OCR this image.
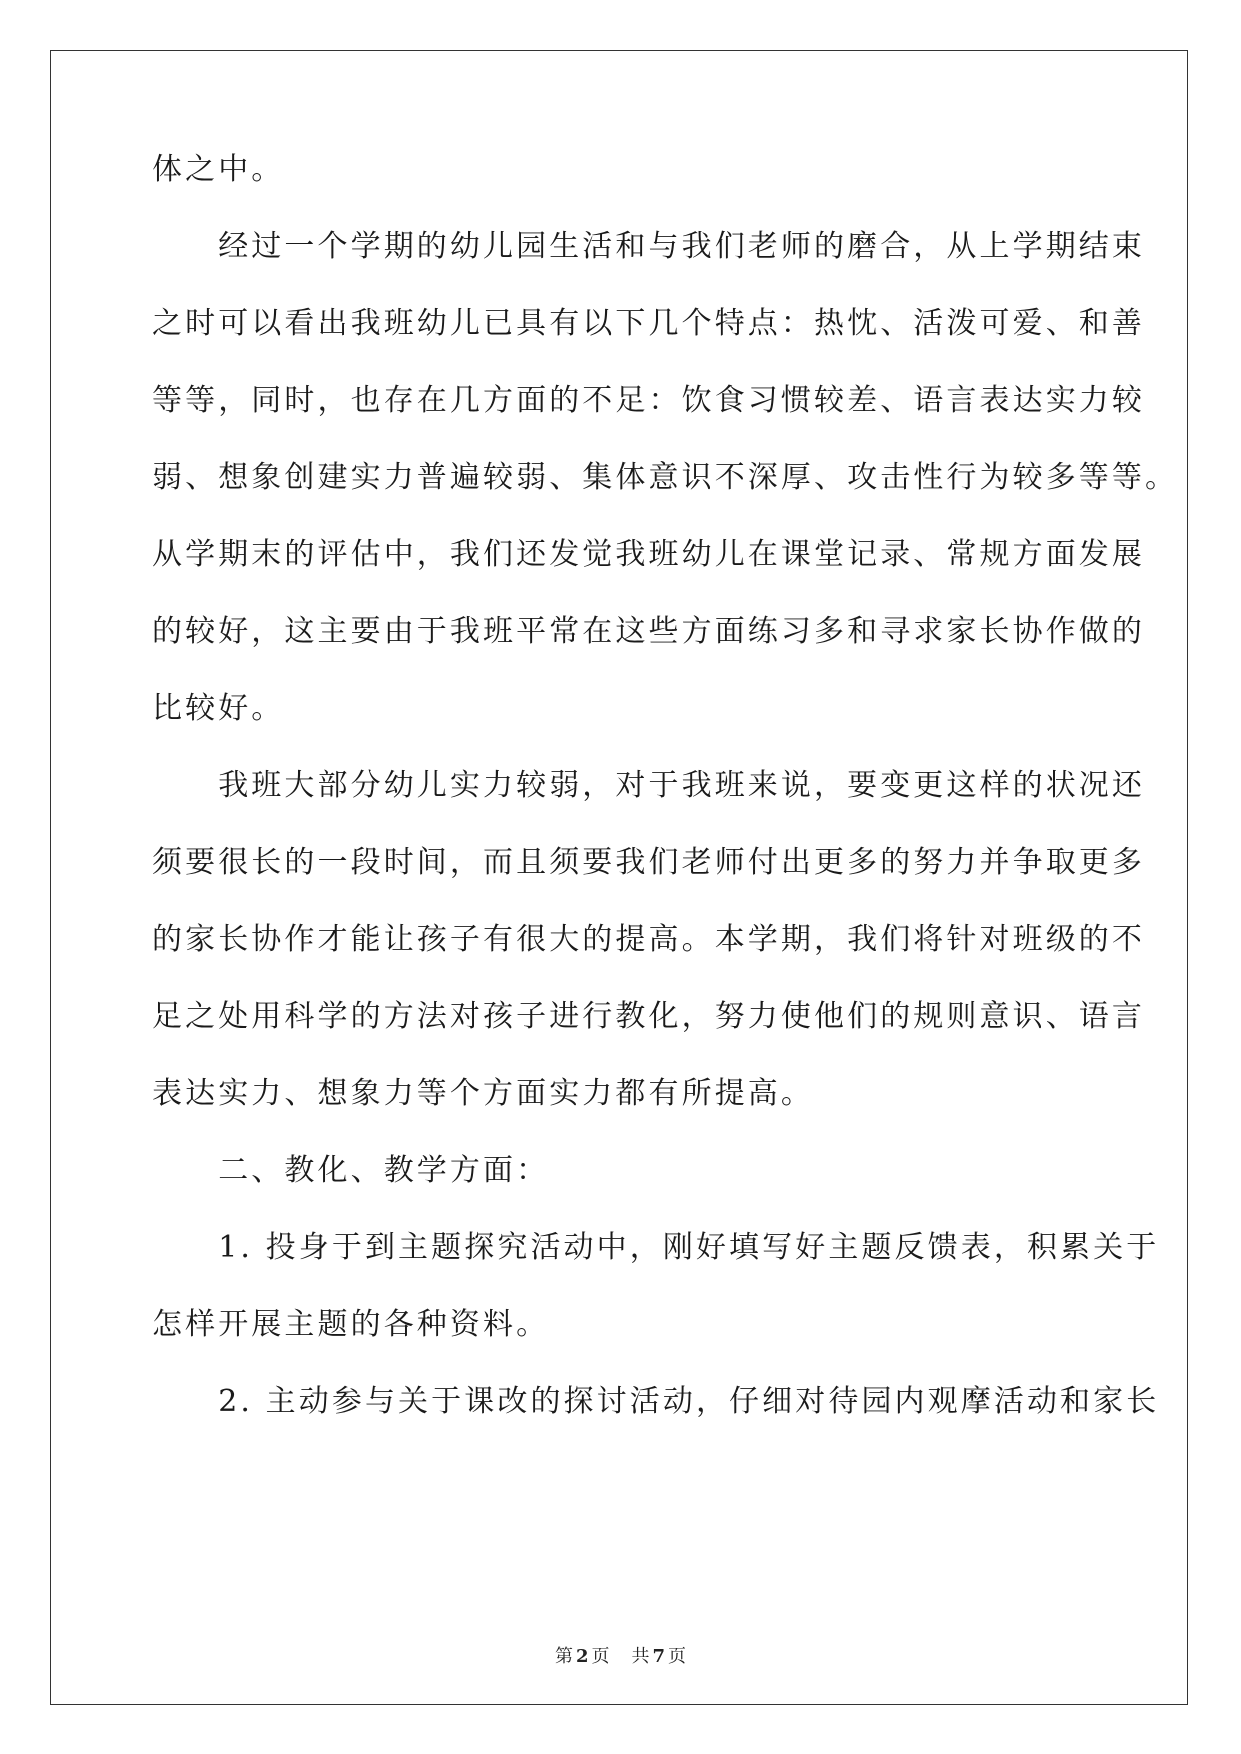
体之中。
　　经过一个学期的幼儿园生活和与我们老师的磨合，从上学期结束
之时可以看出我班幼儿已具有以下几个特点：热忱、活泼可爱、和善
等等，同时，也存在几方面的不足：饮食习惯较差、语言表达实力较
弱、想象创建实力普遍较弱、集体意识不深厚、攻击性行为较多等等。
从学期末的评估中，我们还发觉我班幼儿在课堂记录、常规方面发展
的较好，这主要由于我班平常在这些方面练习多和寻求家长协作做的
比较好。
　　我班大部分幼儿实力较弱，对于我班来说，要变更这样的状况还
须要很长的一段时间，而且须要我们老师付出更多的努力并争取更多
的家长协作才能让孩子有很大的提高。本学期，我们将针对班级的不
足之处用科学的方法对孩子进行教化，努力使他们的规则意识、语言
表达实力、想象力等个方面实力都有所提高。
　　二、教化、教学方面：
　　1. 投身于到主题探究活动中，刚好填写好主题反馈表，积累关于
怎样开展主题的各种资料。
　　2. 主动参与关于课改的探讨活动，仔细对待园内观摩活动和家长
第 2 页 共 7 页
